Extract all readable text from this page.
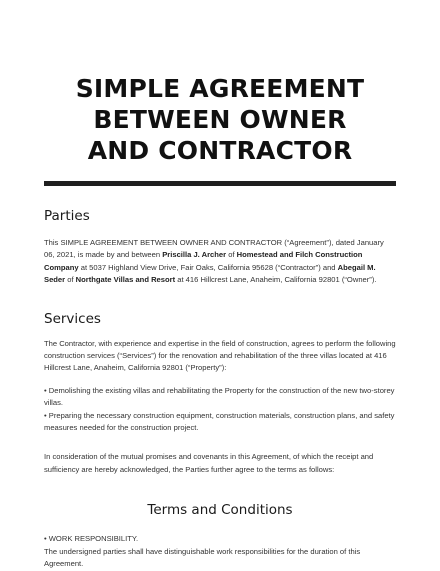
SIMPLE AGREEMENT
BETWEEN OWNER
AND CONTRACTOR
Parties

This SIMPLE AGREEMENT BETWEEN OWNER AND CONTRACTOR (“Agreement”), dated January 06, 2021, is made by and between Priscilla J. Archer of Homestead and Filch Construction Company at 5037 Highland View Drive, Fair Oaks, California 95628 (“Contractor”) and Abegail M. Seder of Northgate Villas and Resort at 416 Hillcrest Lane, Anaheim, California 92801 (“Owner”).

Services

The Contractor, with experience and expertise in the field of construction, agrees to perform the following construction services (“Services”) for the renovation and rehabilitation of the three villas located at 416 Hillcrest Lane, Anaheim, California 92801 (“Property”):

• Demolishing the existing villas and rehabilitating the Property for the construction of the new two-storey villas.

• Preparing the necessary construction equipment, construction materials, construction plans, and safety measures needed for the construction project.

In consideration of the mutual promises and covenants in this Agreement, of which the receipt and sufficiency are hereby acknowledged, the Parties further agree to the terms as follows:

Terms and Conditions

• WORK RESPONSIBILITY.

The undersigned parties shall have distinguishable work responsibilities for the duration of this Agreement.
